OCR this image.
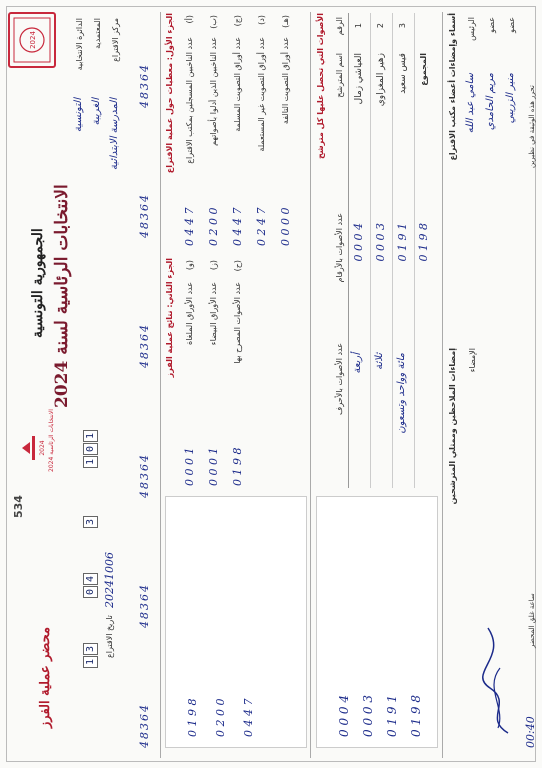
2024
الجمهورية التونسية
الانتخابات الرئاسية لسنة 2024
534
2024
الانتخابات الرئاسية 2024
محضر عملية الفرز
الدائرة الانتخابية
التونسية
المعتمدية
الغريبة
مركز الاقتراع
المدرسة الابتدائية
1
3
0
4
3
1
0
1
تاريخ الاقتراع
20241006
48364
48364
48364
48364
48364
48364 الجزء الأول: معطيات حول عملية الاقتراع (أ)
عدد الناخبين المسجلين بمكتب الاقتراع
0 4 4 7
(ب)
عدد الناخبين الذين أدلوا بأصواتهم
0 2 0 0
(ج)
عدد أوراق التصويت المسلمة
0 4 4 7
(د)
عدد أوراق التصويت غير المستعملة
0 2 4 7
(هـ)
عدد أوراق التصويت التالفة
0 0 0 0
الجزء الثاني: نتائج عملية الفرز (و)
عدد الأوراق الملغاة
0 0 0 1
(ز)
عدد الأوراق البيضاء
0 0 0 1
(ح)
عدد الأصوات المصرح بها
0 1 9 8
0 1 9 8 0 2 0 0 0 4 4 7
الأصوات التي تحصل عليها كل مترشح الرقم
اسم المترشح
عدد الأصوات بالأرقام
عدد الأصوات بالأحرف
1
العياشي زمال
0 0 0 4
أربعة
2
زهير المغزاوي
0 0 0 3
ثلاثة
3
قيس سعيد
0 1 9 1
مائة وواحد وتسعون
المجموع
0 1 9 8
0 0 0 4 0 0 0 3 0 1 9 1 0 1 9 8
أسماء وإمضاءات أعضاء مكتب الاقتراع الرئيس
سامي عبد الله
عضو
مريم الحامدي
عضو
منير الزريبي
إمضاءات الملاحظين وممثلي المترشحين الإمضاء
تحرر هذه الوثيقة في نظيرين
ساعة غلق المحضر
00:40
